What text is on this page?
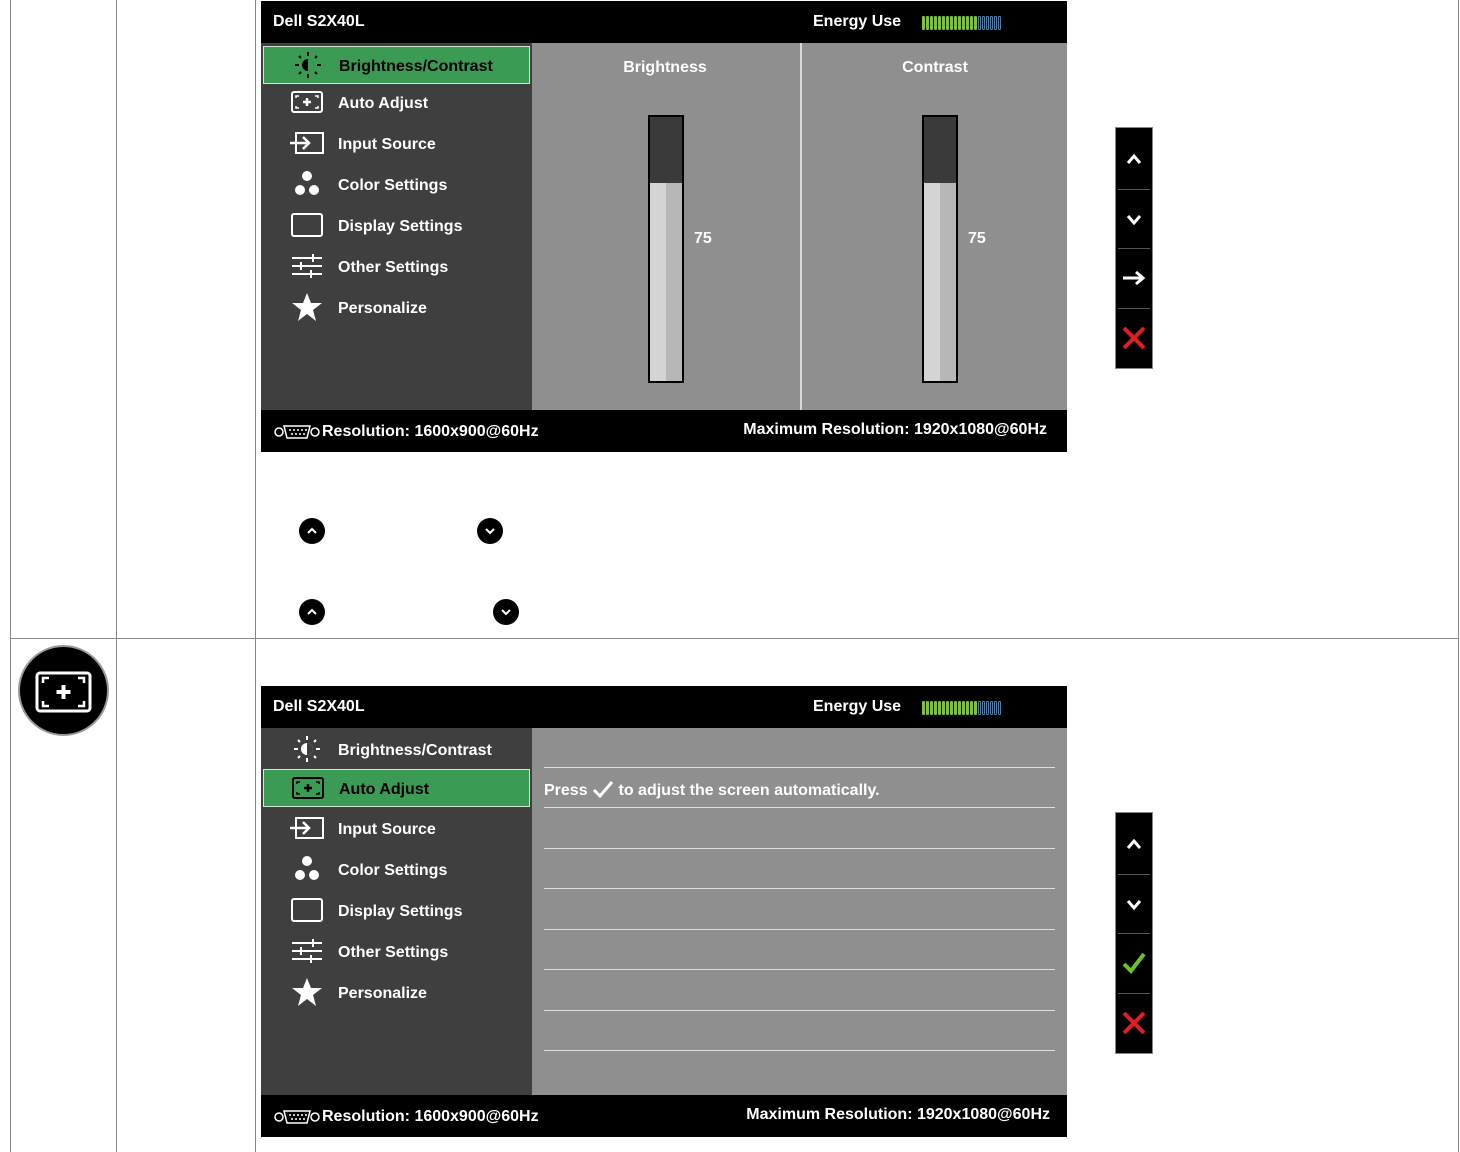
Dell S2X40L	Energy Use
Brightness/Contrast
Auto Adjust
Input Source
Color Settings
Display Settings
Other Settings
Personalize
Brightness	Contrast
75	75
Resolution: 1600x900@60Hz	Maximum Resolution: 1920x1080@60Hz
Dell S2X40L	Energy Use
Brightness/Contrast
Auto Adjust
Input Source
Color Settings
Display Settings
Other Settings
Personalize
Press to adjust the screen automatically.
Resolution: 1600x900@60Hz	Maximum Resolution: 1920x1080@60Hz
